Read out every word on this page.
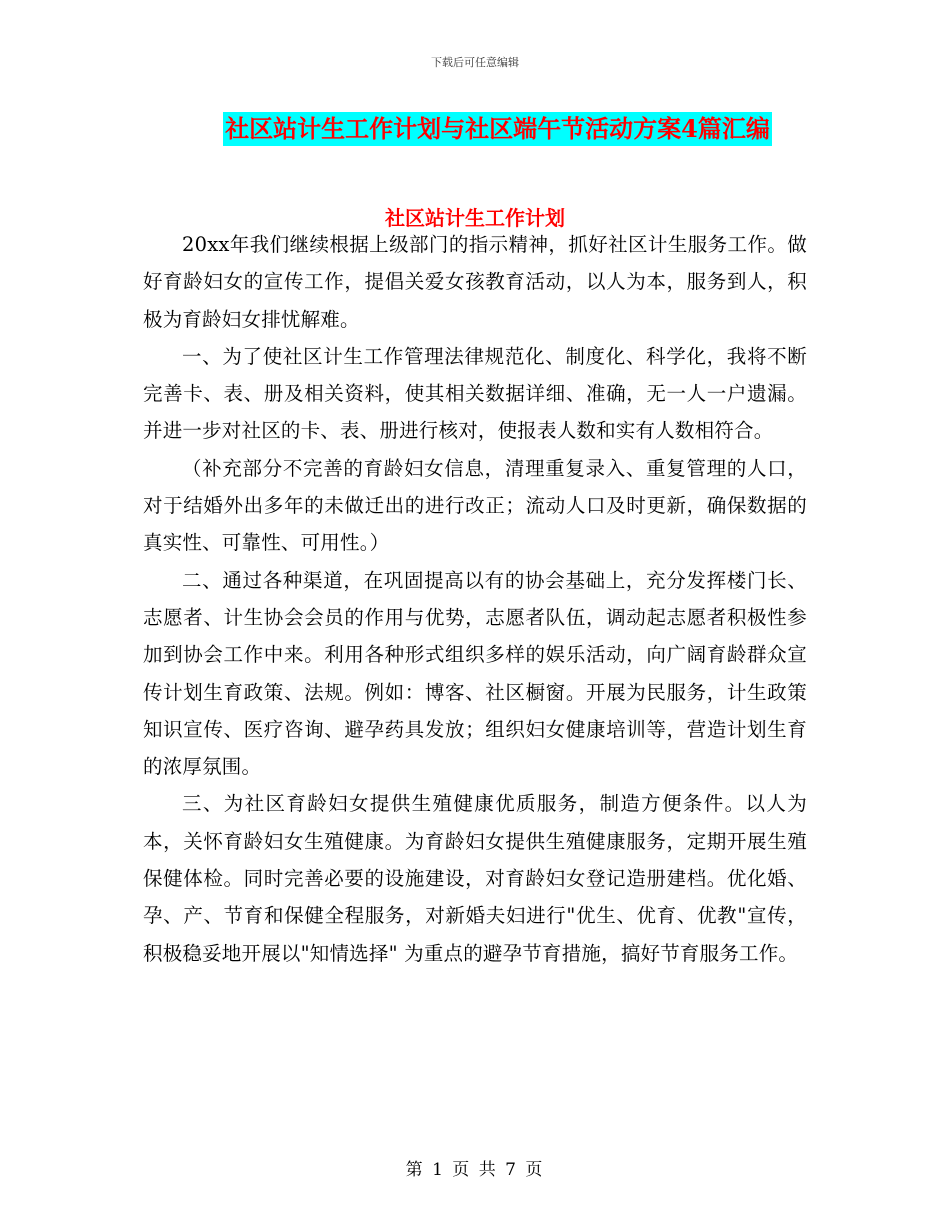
下载后可任意编辑
社区站计生工作计划与社区端午节活动方案4篇汇编
社区站计生工作计划

20xx年我们继续根据上级部门的指示精神，抓好社区计生服务工作。做好育龄妇女的宣传工作，提倡关爱女孩教育活动，以人为本，服务到人，积极为育龄妇女排忧解难。

一、为了使社区计生工作管理法律规范化、制度化、科学化，我将不断完善卡、表、册及相关资料，使其相关数据详细、准确，无一人一户遗漏。并进一步对社区的卡、表、册进行核对，使报表人数和实有人数相符合。

（补充部分不完善的育龄妇女信息，清理重复录入、重复管理的人口，对于结婚外出多年的未做迁出的进行改正；流动人口及时更新，确保数据的真实性、可靠性、可用性。）

二、通过各种渠道，在巩固提高以有的协会基础上，充分发挥楼门长、志愿者、计生协会会员的作用与优势，志愿者队伍，调动起志愿者积极性参加到协会工作中来。利用各种形式组织多样的娱乐活动，向广阔育龄群众宣传计划生育政策、法规。例如：博客、社区橱窗。开展为民服务，计生政策知识宣传、医疗咨询、避孕药具发放；组织妇女健康培训等，营造计划生育的浓厚氛围。

三、为社区育龄妇女提供生殖健康优质服务，制造方便条件。以人为本，关怀育龄妇女生殖健康。为育龄妇女提供生殖健康服务，定期开展生殖保健体检。同时完善必要的设施建设，对育龄妇女登记造册建档。优化婚、孕、产、节育和保健全程服务，对新婚夫妇进行"优生、优育、优教"宣传，积极稳妥地开展以"知情选择" 为重点的避孕节育措施，搞好节育服务工作。

第 1 页 共 7 页
